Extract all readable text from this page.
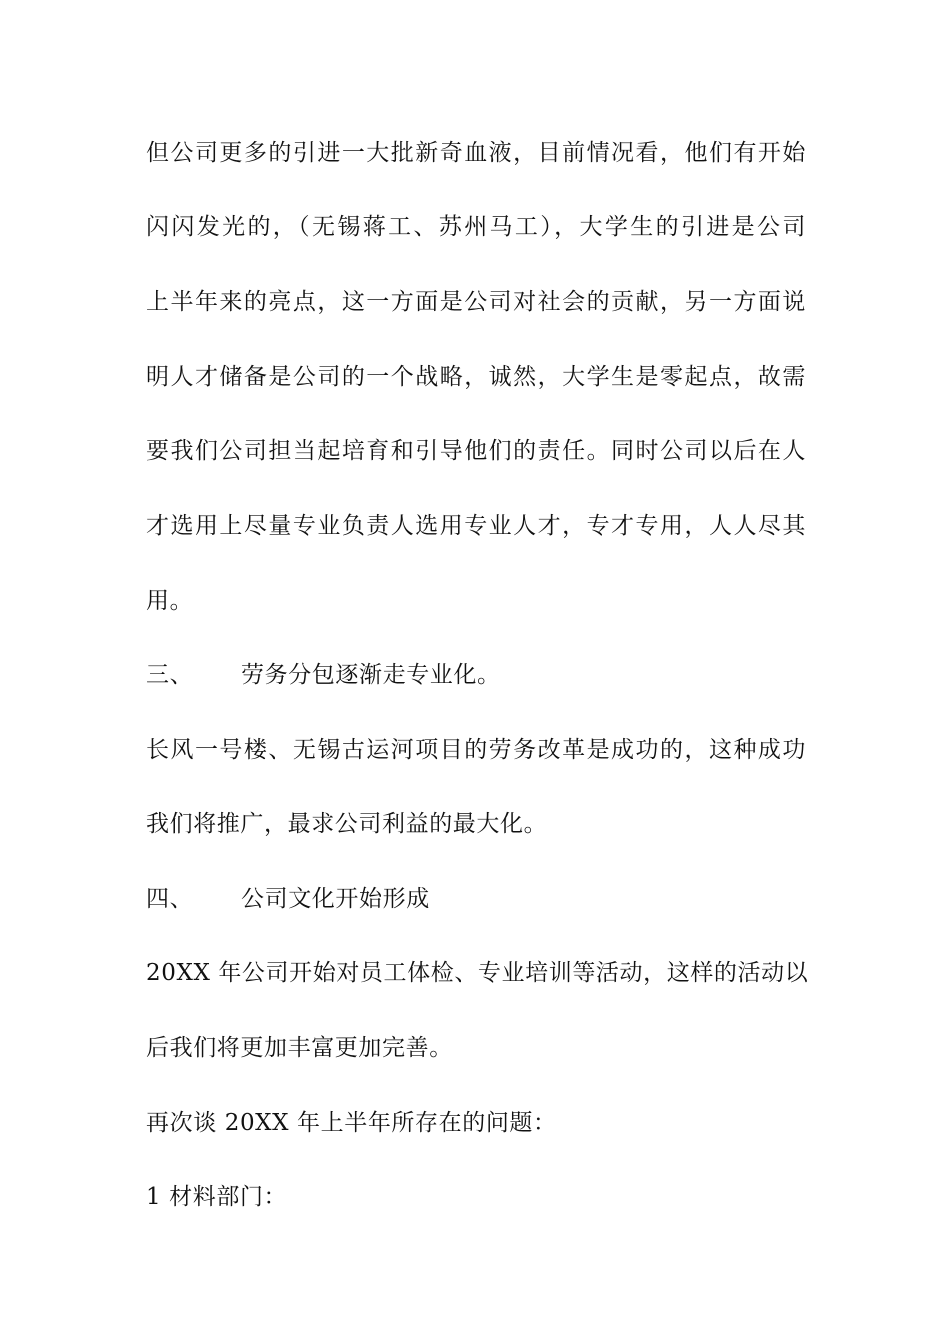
但公司更多的引进一大批新奇血液，目前情况看，他们有开始
闪闪发光的，（无锡蒋工、苏州马工），大学生的引进是公司
上半年来的亮点，这一方面是公司对社会的贡献，另一方面说
明人才储备是公司的一个战略，诚然，大学生是零起点，故需
要我们公司担当起培育和引导他们的责任。同时公司以后在人
才选用上尽量专业负责人选用专业人才，专才专用，人人尽其
用。
三、 劳务分包逐渐走专业化。
长风一号楼、无锡古运河项目的劳务改革是成功的，这种成功
我们将推广，最求公司利益的最大化。
四、 公司文化开始形成
20XX 年公司开始对员工体检、专业培训等活动，这样的活动以
后我们将更加丰富更加完善。
再次谈 20XX 年上半年所存在的问题：
1 材料部门：
